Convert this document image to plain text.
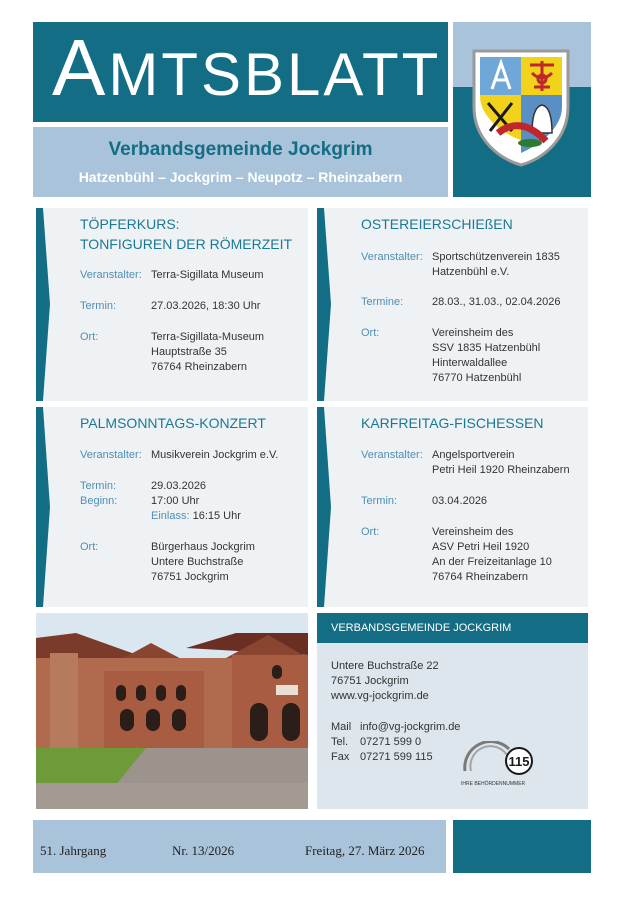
AMTSBLATT
Verbandsgemeinde Jockgrim
Hatzenbühl – Jockgrim – Neupotz – Rheinzabern
TÖPFERKURS:
TONFIGUREN DER RÖMERZEIT
Veranstalter: Terra-Sigillata Museum
Termin:	27.03.2026, 18:30 Uhr
Ort:	Terra-Sigillata-Museum
Hauptstraße 35
76764 Rheinzabern
OSTEREIERSCHIEßEN
Veranstalter: Sportschützenverein 1835
Hatzenbühl e.V.
Termine:	28.03., 31.03., 02.04.2026
Ort:	Vereinsheim des
SSV 1835 Hatzenbühl
Hinterwaldallee
76770 Hatzenbühl
PALMSONNTAGS-KONZERT
Veranstalter: Musikverein Jockgrim e.V.
Termin:	29.03.2026
Beginn:	17:00 Uhr
Einlass: 16:15 Uhr
Ort:	Bürgerhaus Jockgrim
Untere Buchstraße
76751 Jockgrim
KARFREITAG-FISCHESSEN
Veranstalter: Angelsportverein
Petri Heil 1920 Rheinzabern
Termin:	03.04.2026
Ort:	Vereinsheim des
ASV Petri Heil 1920
An der Freizeitanlage 10
76764 Rheinzabern
VERBANDSGEMEINDE JOCKGRIM
Untere Buchstraße 22
76751 Jockgrim
www.vg-jockgrim.de
Mail info@vg-jockgrim.de
Tel. 07271 599 0
Fax 07271 599 115	115
IHRE BEHÖRDENNUMMER
51. Jahrgang	Nr. 13/2026	Freitag, 27. März 2026
